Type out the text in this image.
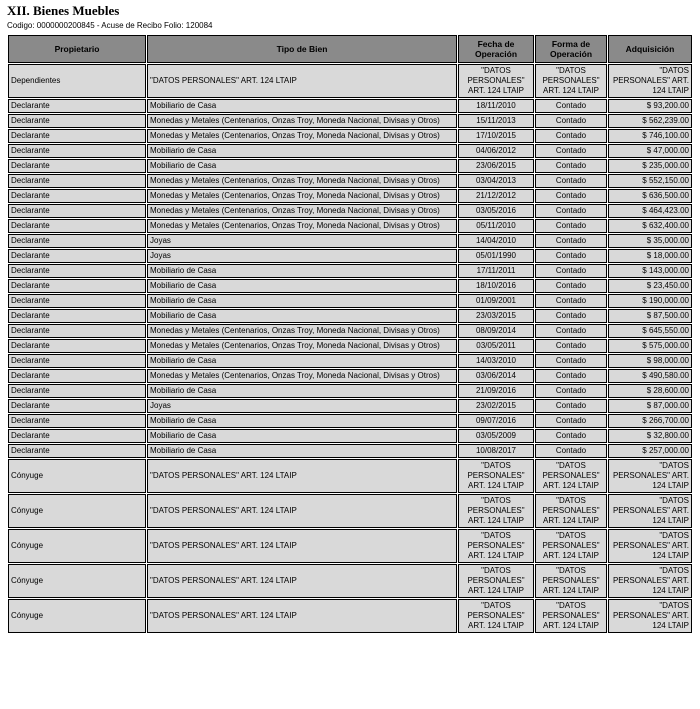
XII. Bienes Muebles
Codigo: 0000000200845 - Acuse de Recibo Folio: 120084
Propietario	Tipo de Bien	Fecha de Operación	Forma de Operación	Adquisición
Dependientes	"DATOS PERSONALES" ART. 124 LTAIP	"DATOS PERSONALES" ART. 124 LTAIP	"DATOS PERSONALES" ART. 124 LTAIP	"DATOS PERSONALES" ART. 124 LTAIP
Declarante	Mobiliario de Casa	18/11/2010	Contado	$ 93,200.00
Declarante	Monedas y Metales (Centenarios, Onzas Troy, Moneda Nacional, Divisas y Otros)	15/11/2013	Contado	$ 562,239.00
Declarante	Monedas y Metales (Centenarios, Onzas Troy, Moneda Nacional, Divisas y Otros)	17/10/2015	Contado	$ 746,100.00
Declarante	Mobiliario de Casa	04/06/2012	Contado	$ 47,000.00
Declarante	Mobiliario de Casa	23/06/2015	Contado	$ 235,000.00
Declarante	Monedas y Metales (Centenarios, Onzas Troy, Moneda Nacional, Divisas y Otros)	03/04/2013	Contado	$ 552,150.00
Declarante	Monedas y Metales (Centenarios, Onzas Troy, Moneda Nacional, Divisas y Otros)	21/12/2012	Contado	$ 636,500.00
Declarante	Monedas y Metales (Centenarios, Onzas Troy, Moneda Nacional, Divisas y Otros)	03/05/2016	Contado	$ 464,423.00
Declarante	Monedas y Metales (Centenarios, Onzas Troy, Moneda Nacional, Divisas y Otros)	05/11/2010	Contado	$ 632,400.00
Declarante	Joyas	14/04/2010	Contado	$ 35,000.00
Declarante	Joyas	05/01/1990	Contado	$ 18,000.00
Declarante	Mobiliario de Casa	17/11/2011	Contado	$ 143,000.00
Declarante	Mobiliario de Casa	18/10/2016	Contado	$ 23,450.00
Declarante	Mobiliario de Casa	01/09/2001	Contado	$ 190,000.00
Declarante	Mobiliario de Casa	23/03/2015	Contado	$ 87,500.00
Declarante	Monedas y Metales (Centenarios, Onzas Troy, Moneda Nacional, Divisas y Otros)	08/09/2014	Contado	$ 645,550.00
Declarante	Monedas y Metales (Centenarios, Onzas Troy, Moneda Nacional, Divisas y Otros)	03/05/2011	Contado	$ 575,000.00
Declarante	Mobiliario de Casa	14/03/2010	Contado	$ 98,000.00
Declarante	Monedas y Metales (Centenarios, Onzas Troy, Moneda Nacional, Divisas y Otros)	03/06/2014	Contado	$ 490,580.00
Declarante	Mobiliario de Casa	21/09/2016	Contado	$ 28,600.00
Declarante	Joyas	23/02/2015	Contado	$ 87,000.00
Declarante	Mobiliario de Casa	09/07/2016	Contado	$ 266,700.00
Declarante	Mobiliario de Casa	03/05/2009	Contado	$ 32,800.00
Declarante	Mobiliario de Casa	10/08/2017	Contado	$ 257,000.00
Cónyuge	"DATOS PERSONALES" ART. 124 LTAIP	"DATOS PERSONALES" ART. 124 LTAIP	"DATOS PERSONALES" ART. 124 LTAIP	"DATOS PERSONALES" ART. 124 LTAIP
Cónyuge	"DATOS PERSONALES" ART. 124 LTAIP	"DATOS PERSONALES" ART. 124 LTAIP	"DATOS PERSONALES" ART. 124 LTAIP	"DATOS PERSONALES" ART. 124 LTAIP
Cónyuge	"DATOS PERSONALES" ART. 124 LTAIP	"DATOS PERSONALES" ART. 124 LTAIP	"DATOS PERSONALES" ART. 124 LTAIP	"DATOS PERSONALES" ART. 124 LTAIP
Cónyuge	"DATOS PERSONALES" ART. 124 LTAIP	"DATOS PERSONALES" ART. 124 LTAIP	"DATOS PERSONALES" ART. 124 LTAIP	"DATOS PERSONALES" ART. 124 LTAIP
Cónyuge	"DATOS PERSONALES" ART. 124 LTAIP	"DATOS PERSONALES" ART. 124 LTAIP	"DATOS PERSONALES" ART. 124 LTAIP	"DATOS PERSONALES" ART. 124 LTAIP
